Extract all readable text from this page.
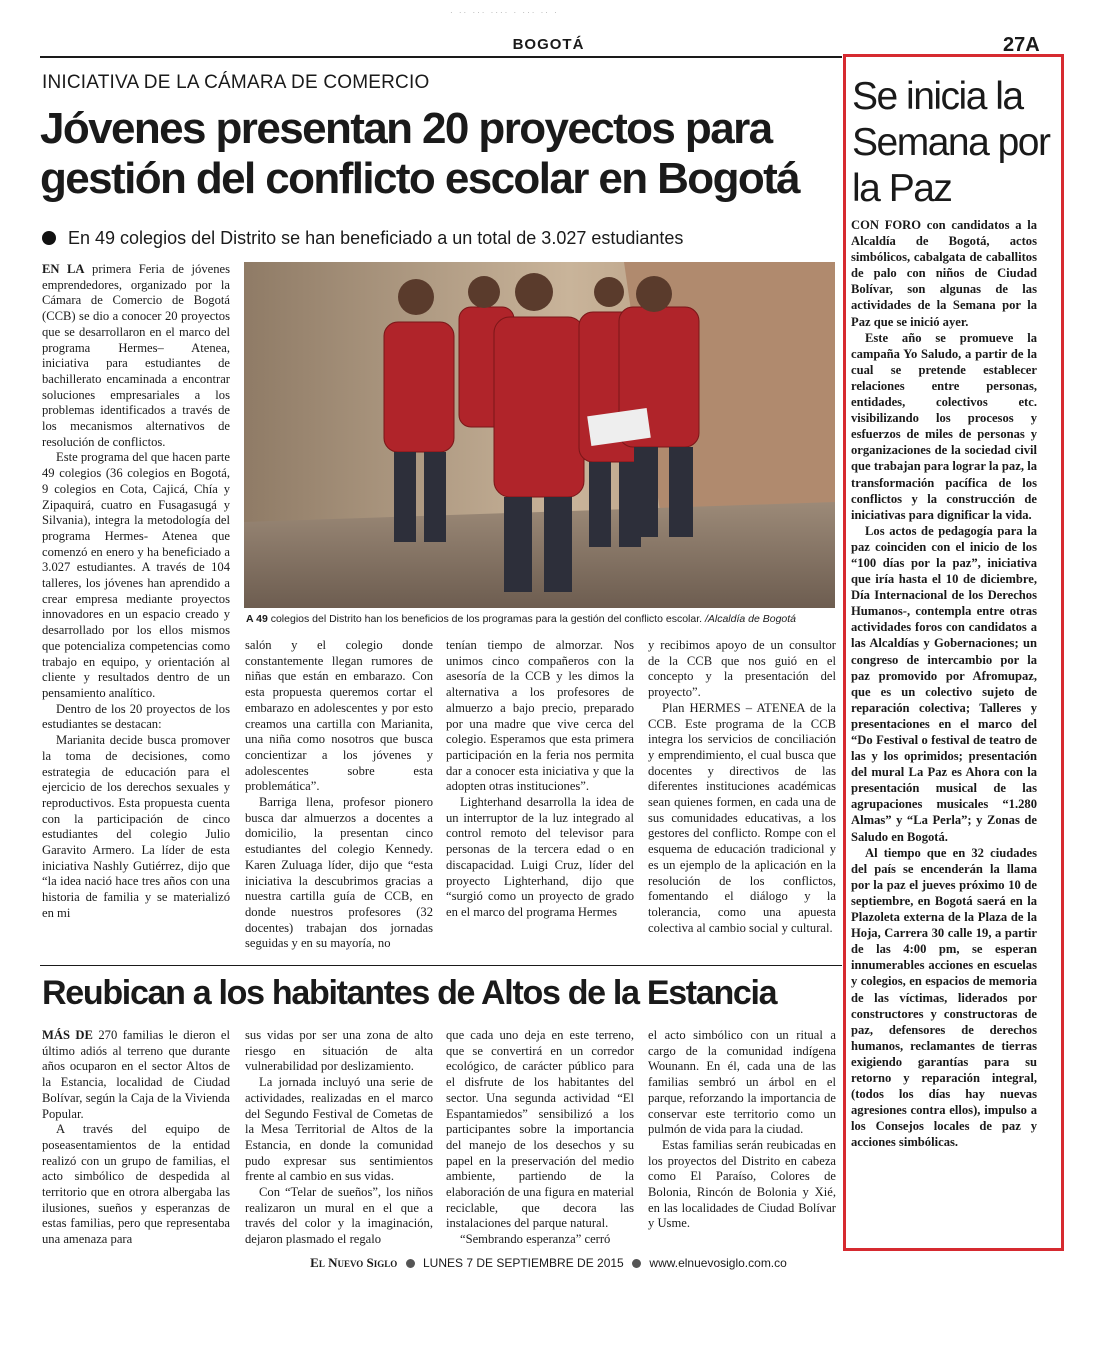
· ·· ··· ···· · ··· ·· ·
BOGOTÁ	27A
INICIATIVA DE LA CÁMARA DE COMERCIO
Jóvenes presentan 20 proyectos para gestión del conflicto escolar en Bogotá
En 49 colegios del Distrito se han beneficiado a un total de 3.027 estudiantes

EN LA primera Feria de jóvenes emprendedores, organizado por la Cámara de Comercio de Bogotá (CCB) se dio a conocer 20 proyectos que se desarrollaron en el marco del programa Hermes– Atenea, iniciativa para estudiantes de bachillerato encaminada a encontrar soluciones empresariales a los problemas identificados a través de los mecanismos alternativos de resolución de conflictos.

Este programa del que hacen parte 49 colegios (36 colegios en Bogotá, 9 colegios en Cota, Cajicá, Chía y Zipaquirá, cuatro en Fusagasugá y Silvania), integra la metodología del programa Hermes- Atenea que comenzó en enero y ha beneficiado a 3.027 estudiantes. A través de 104 talleres, los jóvenes han aprendido a crear empresa mediante proyectos innovadores en un espacio creado y desarrollado por los ellos mismos que potencializa competencias como trabajo en equipo, y orientación al cliente y resultados dentro de un pensamiento analítico.

Dentro de los 20 proyectos de los estudiantes se destacan:

Marianita decide busca promover la toma de decisiones, como estrategia de educación para el ejercicio de los derechos sexuales y reproductivos. Esta propuesta cuenta con la participación de cinco estudiantes del colegio Julio Garavito Armero. La líder de esta iniciativa Nashly Gutiérrez, dijo que “la idea nació hace tres años con una historia de familia y se materializó en mi

A 49 colegios del Distrito han los beneficios de los programas para la gestión del conflicto escolar. /Alcaldía de Bogotá

salón y el colegio donde constantemente llegan rumores de niñas que están en embarazo. Con esta propuesta queremos cortar el embarazo en adolescentes y por esto creamos una cartilla con Marianita, una niña como nosotros que busca concientizar a los jóvenes y adolescentes sobre esta problemática”.

Barriga llena, profesor pionero busca dar almuerzos a docentes a domicilio, la presentan cinco estudiantes del colegio Kennedy. Karen Zuluaga líder, dijo que “esta iniciativa la descubrimos gracias a nuestra cartilla guía de CCB, en donde nuestros profesores (32 docentes) trabajan dos jornadas seguidas y en su mayoría, no

tenían tiempo de almorzar. Nos unimos cinco compañeros con la asesoría de la CCB y les dimos la alternativa a los profesores de almuerzo a bajo precio, preparado por una madre que vive cerca del colegio. Esperamos que esta primera participación en la feria nos permita dar a conocer esta iniciativa y que la adopten otras instituciones”.

Lighterhand desarrolla la idea de un interruptor de la luz integrado al control remoto del televisor para personas de la tercera edad o en discapacidad. Luigi Cruz, líder del proyecto Lighterhand, dijo que “surgió como un proyecto de grado en el marco del programa Hermes

y recibimos apoyo de un consultor de la CCB que nos guió en el concepto y la presentación del proyecto”.

Plan HERMES – ATENEA de la CCB. Este programa de la CCB integra los servicios de conciliación y emprendimiento, el cual busca que docentes y directivos de las diferentes instituciones académicas sean quienes formen, en cada una de sus comunidades educativas, a los gestores del conflicto. Rompe con el esquema de educación tradicional y es un ejemplo de la aplicación en la resolución de los conflictos, fomentando el diálogo y la tolerancia, como una apuesta colectiva al cambio social y cultural.

Reubican a los habitantes de Altos de la Estancia

MÁS DE 270 familias le dieron el último adiós al terreno que durante años ocuparon en el sector Altos de la Estancia, localidad de Ciudad Bolívar, según la Caja de la Vivienda Popular.

A través del equipo de poseasentamientos de la entidad realizó con un grupo de familias, el acto simbólico de despedida al territorio que en otrora albergaba las ilusiones, sueños y esperanzas de estas familias, pero que representaba una amenaza para

sus vidas por ser una zona de alto riesgo en situación de alta vulnerabilidad por deslizamiento.

La jornada incluyó una serie de actividades, realizadas en el marco del Segundo Festival de Cometas de la Mesa Territorial de Altos de la Estancia, en donde la comunidad pudo expresar sus sentimientos frente al cambio en sus vidas.

Con “Telar de sueños”, los niños realizaron un mural en el que a través del color y la imaginación, dejaron plasmado el regalo

que cada uno deja en este terreno, que se convertirá en un corredor ecológico, de carácter público para el disfrute de los habitantes del sector. Una segunda actividad “El Espantamiedos” sensibilizó a los participantes sobre la importancia del manejo de los desechos y su papel en la preservación del medio ambiente, partiendo de la elaboración de una figura en material reciclable, que decora las instalaciones del parque natural.

“Sembrando esperanza” cerró

el acto simbólico con un ritual a cargo de la comunidad indígena Wounann. En él, cada una de las familias sembró un árbol en el parque, reforzando la importancia de conservar este territorio como un pulmón de vida para la ciudad.

Estas familias serán reubicadas en los proyectos del Distrito en cabeza como El Paraíso, Colores de Bolonia, Rincón de Bolonia y Xié, en las localidades de Ciudad Bolívar y Usme.

Se inicia la Semana por la Paz

CON FORO con candidatos a la Alcaldía de Bogotá, actos simbólicos, cabalgata de caballitos de palo con niños de Ciudad Bolívar, son algunas de las actividades de la Semana por la Paz que se inició ayer.

Este año se promueve la campaña Yo Saludo, a partir de la cual se pretende establecer relaciones entre personas, entidades, colectivos etc. visibilizando los procesos y esfuerzos de miles de personas y organizaciones de la sociedad civil que trabajan para lograr la paz, la transformación pacífica de los conflictos y la construcción de iniciativas para dignificar la vida.

Los actos de pedagogía para la paz coinciden con el inicio de los “100 días por la paz”, iniciativa que iría hasta el 10 de diciembre, Día Internacional de los Derechos Humanos-, contempla entre otras actividades foros con candidatos a las Alcaldías y Gobernaciones; un congreso de intercambio por la paz promovido por Afromupaz, que es un colectivo sujeto de reparación colectiva; Talleres y presentaciones en el marco del “Do Festival o festival de teatro de las y los oprimidos; presentación del mural La Paz es Ahora con la presentación musical de las agrupaciones musicales “1.280 Almas” y “La Perla”; y Zonas de Saludo en Bogotá.

Al tiempo que en 32 ciudades del país se encenderán la llama por la paz el jueves próximo 10 de septiembre, en Bogotá saerá en la Plazoleta externa de la Plaza de la Hoja, Carrera 30 calle 19, a partir de las 4:00 pm, se esperan innumerables acciones en escuelas y colegios, en espacios de memoria de las víctimas, liderados por constructores y constructoras de paz, defensores de derechos humanos, reclamantes de tierras exigiendo garantías para su retorno y reparación integral, (todos los días hay nuevas agresiones contra ellos), impulso a los Consejos locales de paz y acciones simbólicas.

El Nuevo Siglo LUNES 7 DE SEPTIEMBRE DE 2015 www.elnuevosiglo.com.co
